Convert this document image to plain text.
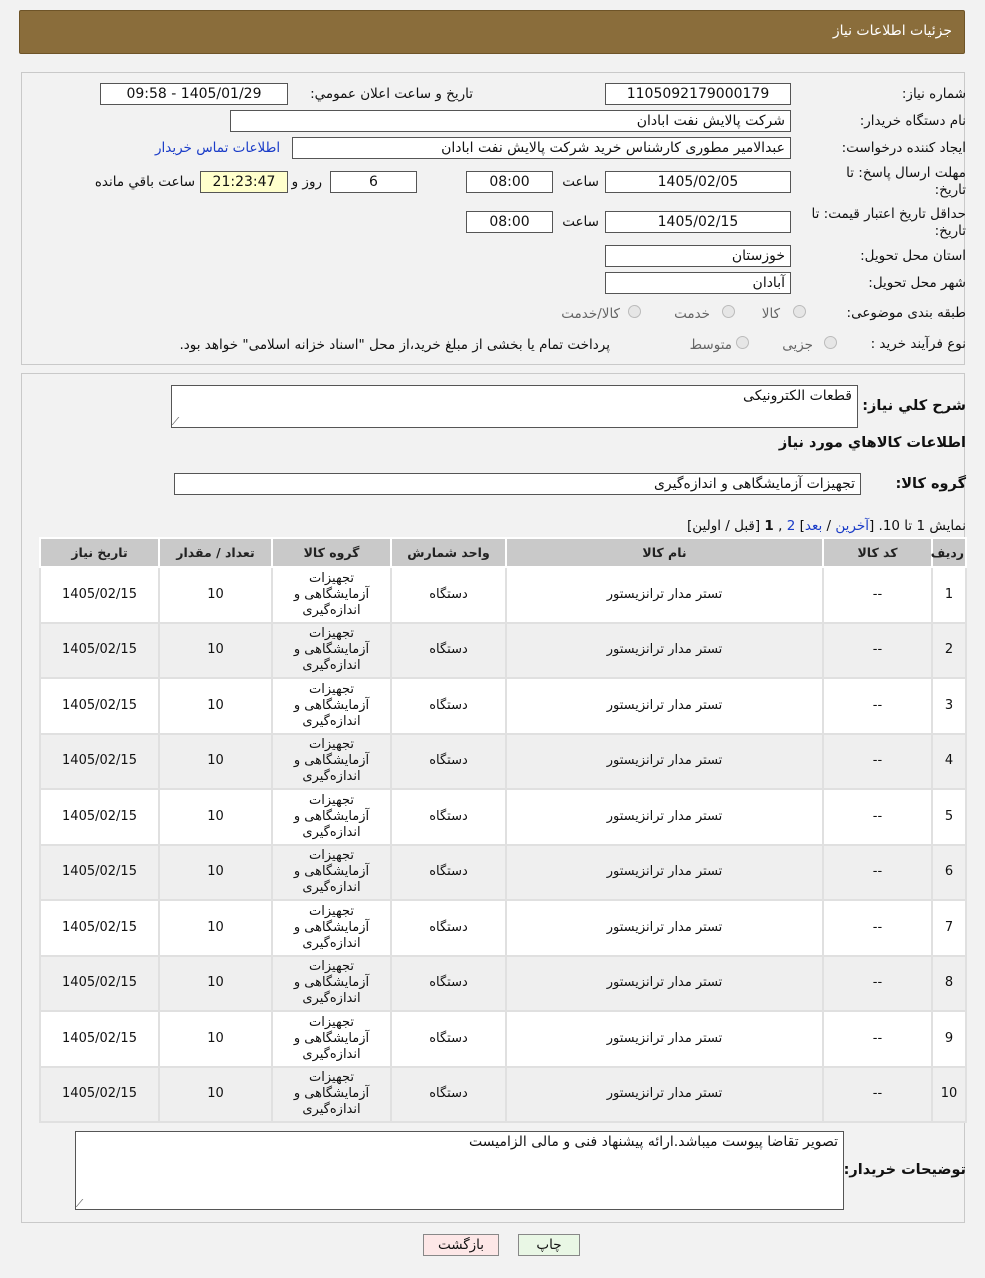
جزئیات اطلاعات نیاز
شماره نیاز:
1105092179000179
تاریخ و ساعت اعلان عمومي:
1405/01/29 - 09:58
نام دستگاه خريدار:
شرکت پالایش نفت ابادان
ایجاد کننده درخواست:
عبدالامیر مطوری کارشناس خرید شرکت پالایش نفت ابادان
اطلاعات تماس خریدار
مهلت ارسال پاسخ: تا
تاریخ:
1405/02/05
ساعت
08:00
6
روز و
21:23:47
ساعت باقي مانده
حداقل تاریخ اعتبار قیمت: تا
تاریخ:
1405/02/15
ساعت
08:00
استان محل تحویل:
خوزستان
شهر محل تحویل:
آبادان
طبقه بندی موضوعی:
کالا
خدمت
کالا/خدمت
نوع فرآیند خرید :
جزیی
متوسط
پرداخت تمام یا بخشی از مبلغ خرید،از محل "اسناد خزانه اسلامی" خواهد بود.
شرح کلي نياز:
قطعات الکترونیکی
اطلاعات کالاهاي مورد نياز
گروه کالا:
تجهیزات آزمایشگاهی و اندازه‌گیری
نمایش 1 تا 10. [آخرین / بعد] 2 , 1 [قبل / اولین]
ردیف	کد کالا	نام کالا	واحد شمارش	گروه کالا	تعداد / مقدار	تاریخ نیاز
1	--	تستر مدار ترانزیستور	دستگاه	تجهیزات آزمایشگاهی و اندازه‌گیری	10	1405/02/15
2	--	تستر مدار ترانزیستور	دستگاه	تجهیزات آزمایشگاهی و اندازه‌گیری	10	1405/02/15
3	--	تستر مدار ترانزیستور	دستگاه	تجهیزات آزمایشگاهی و اندازه‌گیری	10	1405/02/15
4	--	تستر مدار ترانزیستور	دستگاه	تجهیزات آزمایشگاهی و اندازه‌گیری	10	1405/02/15
5	--	تستر مدار ترانزیستور	دستگاه	تجهیزات آزمایشگاهی و اندازه‌گیری	10	1405/02/15
6	--	تستر مدار ترانزیستور	دستگاه	تجهیزات آزمایشگاهی و اندازه‌گیری	10	1405/02/15
7	--	تستر مدار ترانزیستور	دستگاه	تجهیزات آزمایشگاهی و اندازه‌گیری	10	1405/02/15
8	--	تستر مدار ترانزیستور	دستگاه	تجهیزات آزمایشگاهی و اندازه‌گیری	10	1405/02/15
9	--	تستر مدار ترانزیستور	دستگاه	تجهیزات آزمایشگاهی و اندازه‌گیری	10	1405/02/15
10	--	تستر مدار ترانزیستور	دستگاه	تجهیزات آزمایشگاهی و اندازه‌گیری	10	1405/02/15
توضیحات خریدار:
تصویر تقاضا پیوست میباشد.ارائه پیشنهاد فنی و مالی الزامیست
چاپ
بازگشت
